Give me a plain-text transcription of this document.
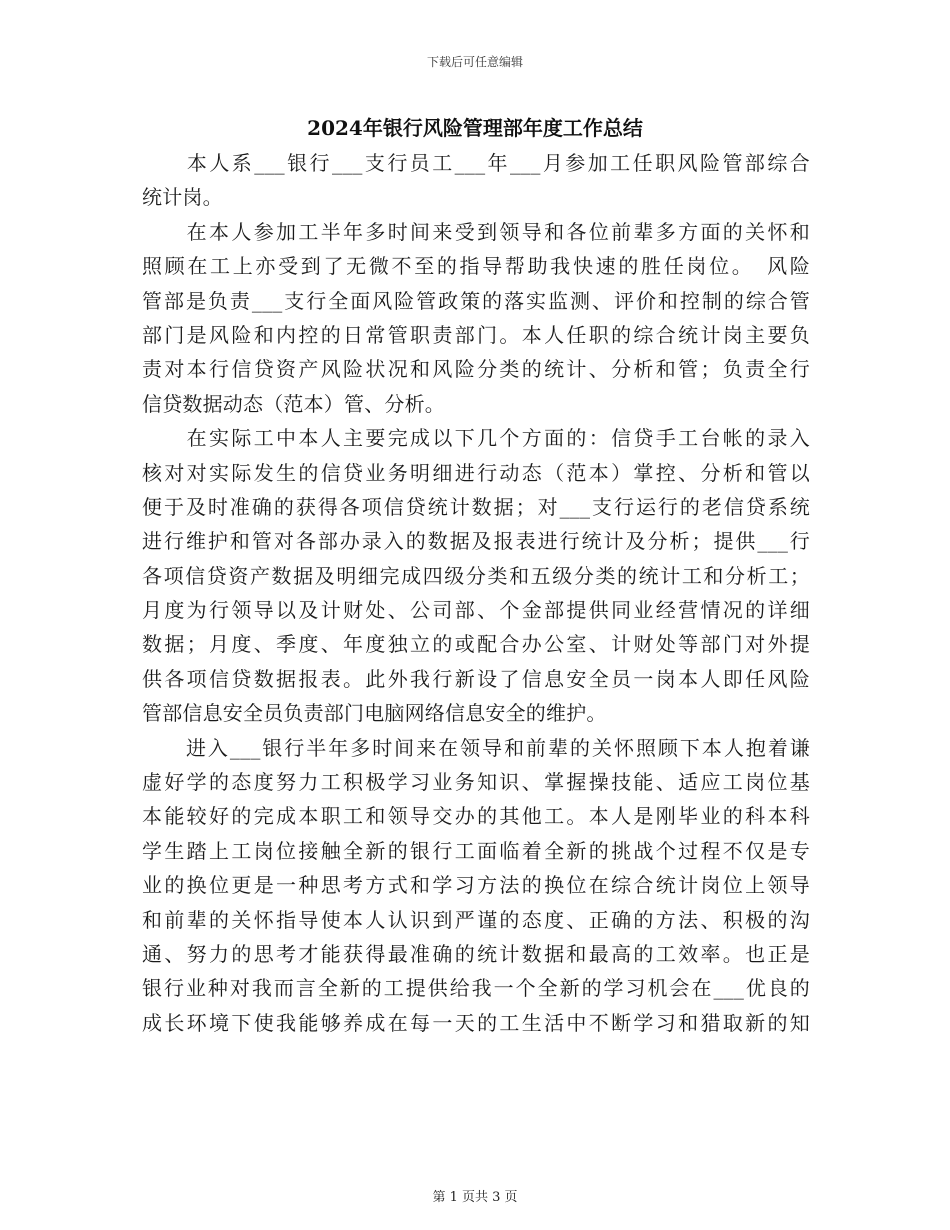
下载后可任意编辑
2024年银行风险管理部年度工作总结
　　本人系___银行___支行员工___年___月参加工任职风险管部综合
统计岗。
　　在本人参加工半年多时间来受到领导和各位前辈多方面的关怀和
照顾在工上亦受到了无微不至的指导帮助我快速的胜任岗位。　风险
管部是负责___支行全面风险管政策的落实监测、评价和控制的综合管
部门是风险和内控的日常管职责部门。本人任职的综合统计岗主要负
责对本行信贷资产风险状况和风险分类的统计、分析和管；负责全行
信贷数据动态（范本）管、分析。
　　在实际工中本人主要完成以下几个方面的：信贷手工台帐的录入
核对对实际发生的信贷业务明细进行动态（范本）掌控、分析和管以
便于及时准确的获得各项信贷统计数据；对___支行运行的老信贷系统
进行维护和管对各部办录入的数据及报表进行统计及分析；提供___行
各项信贷资产数据及明细完成四级分类和五级分类的统计工和分析工；
月度为行领导以及计财处、公司部、个金部提供同业经营情况的详细
数据；月度、季度、年度独立的或配合办公室、计财处等部门对外提
供各项信贷数据报表。此外我行新设了信息安全员一岗本人即任风险
管部信息安全员负责部门电脑网络信息安全的维护。
　　进入___银行半年多时间来在领导和前辈的关怀照顾下本人抱着谦
虚好学的态度努力工积极学习业务知识、掌握操技能、适应工岗位基
本能较好的完成本职工和领导交办的其他工。本人是刚毕业的科本科
学生踏上工岗位接触全新的银行工面临着全新的挑战个过程不仅是专
业的换位更是一种思考方式和学习方法的换位在综合统计岗位上领导
和前辈的关怀指导使本人认识到严谨的态度、正确的方法、积极的沟
通、努力的思考才能获得最准确的统计数据和最高的工效率。也正是
银行业种对我而言全新的工提供给我一个全新的学习机会在___优良的
成长环境下使我能够养成在每一天的工生活中不断学习和猎取新的知
第 1 页共 3 页
